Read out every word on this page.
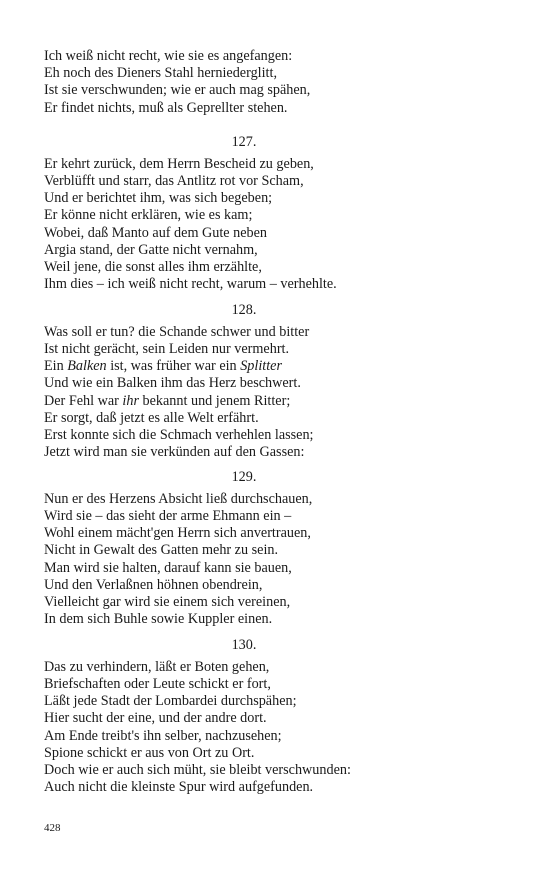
Ich weiß nicht recht, wie sie es angefangen:
Eh noch des Dieners Stahl herniederglitt,
Ist sie verschwunden; wie er auch mag spähen,
Er findet nichts, muß als Geprellter stehen.
127.
Er kehrt zurück, dem Herrn Bescheid zu geben,
Verblüfft und starr, das Antlitz rot vor Scham,
Und er berichtet ihm, was sich begeben;
Er könne nicht erklären, wie es kam;
Wobei, daß Manto auf dem Gute neben
Argia stand, der Gatte nicht vernahm,
Weil jene, die sonst alles ihm erzählte,
Ihm dies – ich weiß nicht recht, warum – verhehlte.
128.
Was soll er tun? die Schande schwer und bitter
Ist nicht gerächt, sein Leiden nur vermehrt.
Ein Balken ist, was früher war ein Splitter
Und wie ein Balken ihm das Herz beschwert.
Der Fehl war ihr bekannt und jenem Ritter;
Er sorgt, daß jetzt es alle Welt erfährt.
Erst konnte sich die Schmach verhehlen lassen;
Jetzt wird man sie verkünden auf den Gassen:
129.
Nun er des Herzens Absicht ließ durchschauen,
Wird sie – das sieht der arme Ehmann ein –
Wohl einem mächt'gen Herrn sich anvertrauen,
Nicht in Gewalt des Gatten mehr zu sein.
Man wird sie halten, darauf kann sie bauen,
Und den Verlaßnen höhnen obendrein,
Vielleicht gar wird sie einem sich vereinen,
In dem sich Buhle sowie Kuppler einen.
130.
Das zu verhindern, läßt er Boten gehen,
Briefschaften oder Leute schickt er fort,
Läßt jede Stadt der Lombardei durchspähen;
Hier sucht der eine, und der andre dort.
Am Ende treibt's ihn selber, nachzusehen;
Spione schickt er aus von Ort zu Ort.
Doch wie er auch sich müht, sie bleibt verschwunden:
Auch nicht die kleinste Spur wird aufgefunden.
428
